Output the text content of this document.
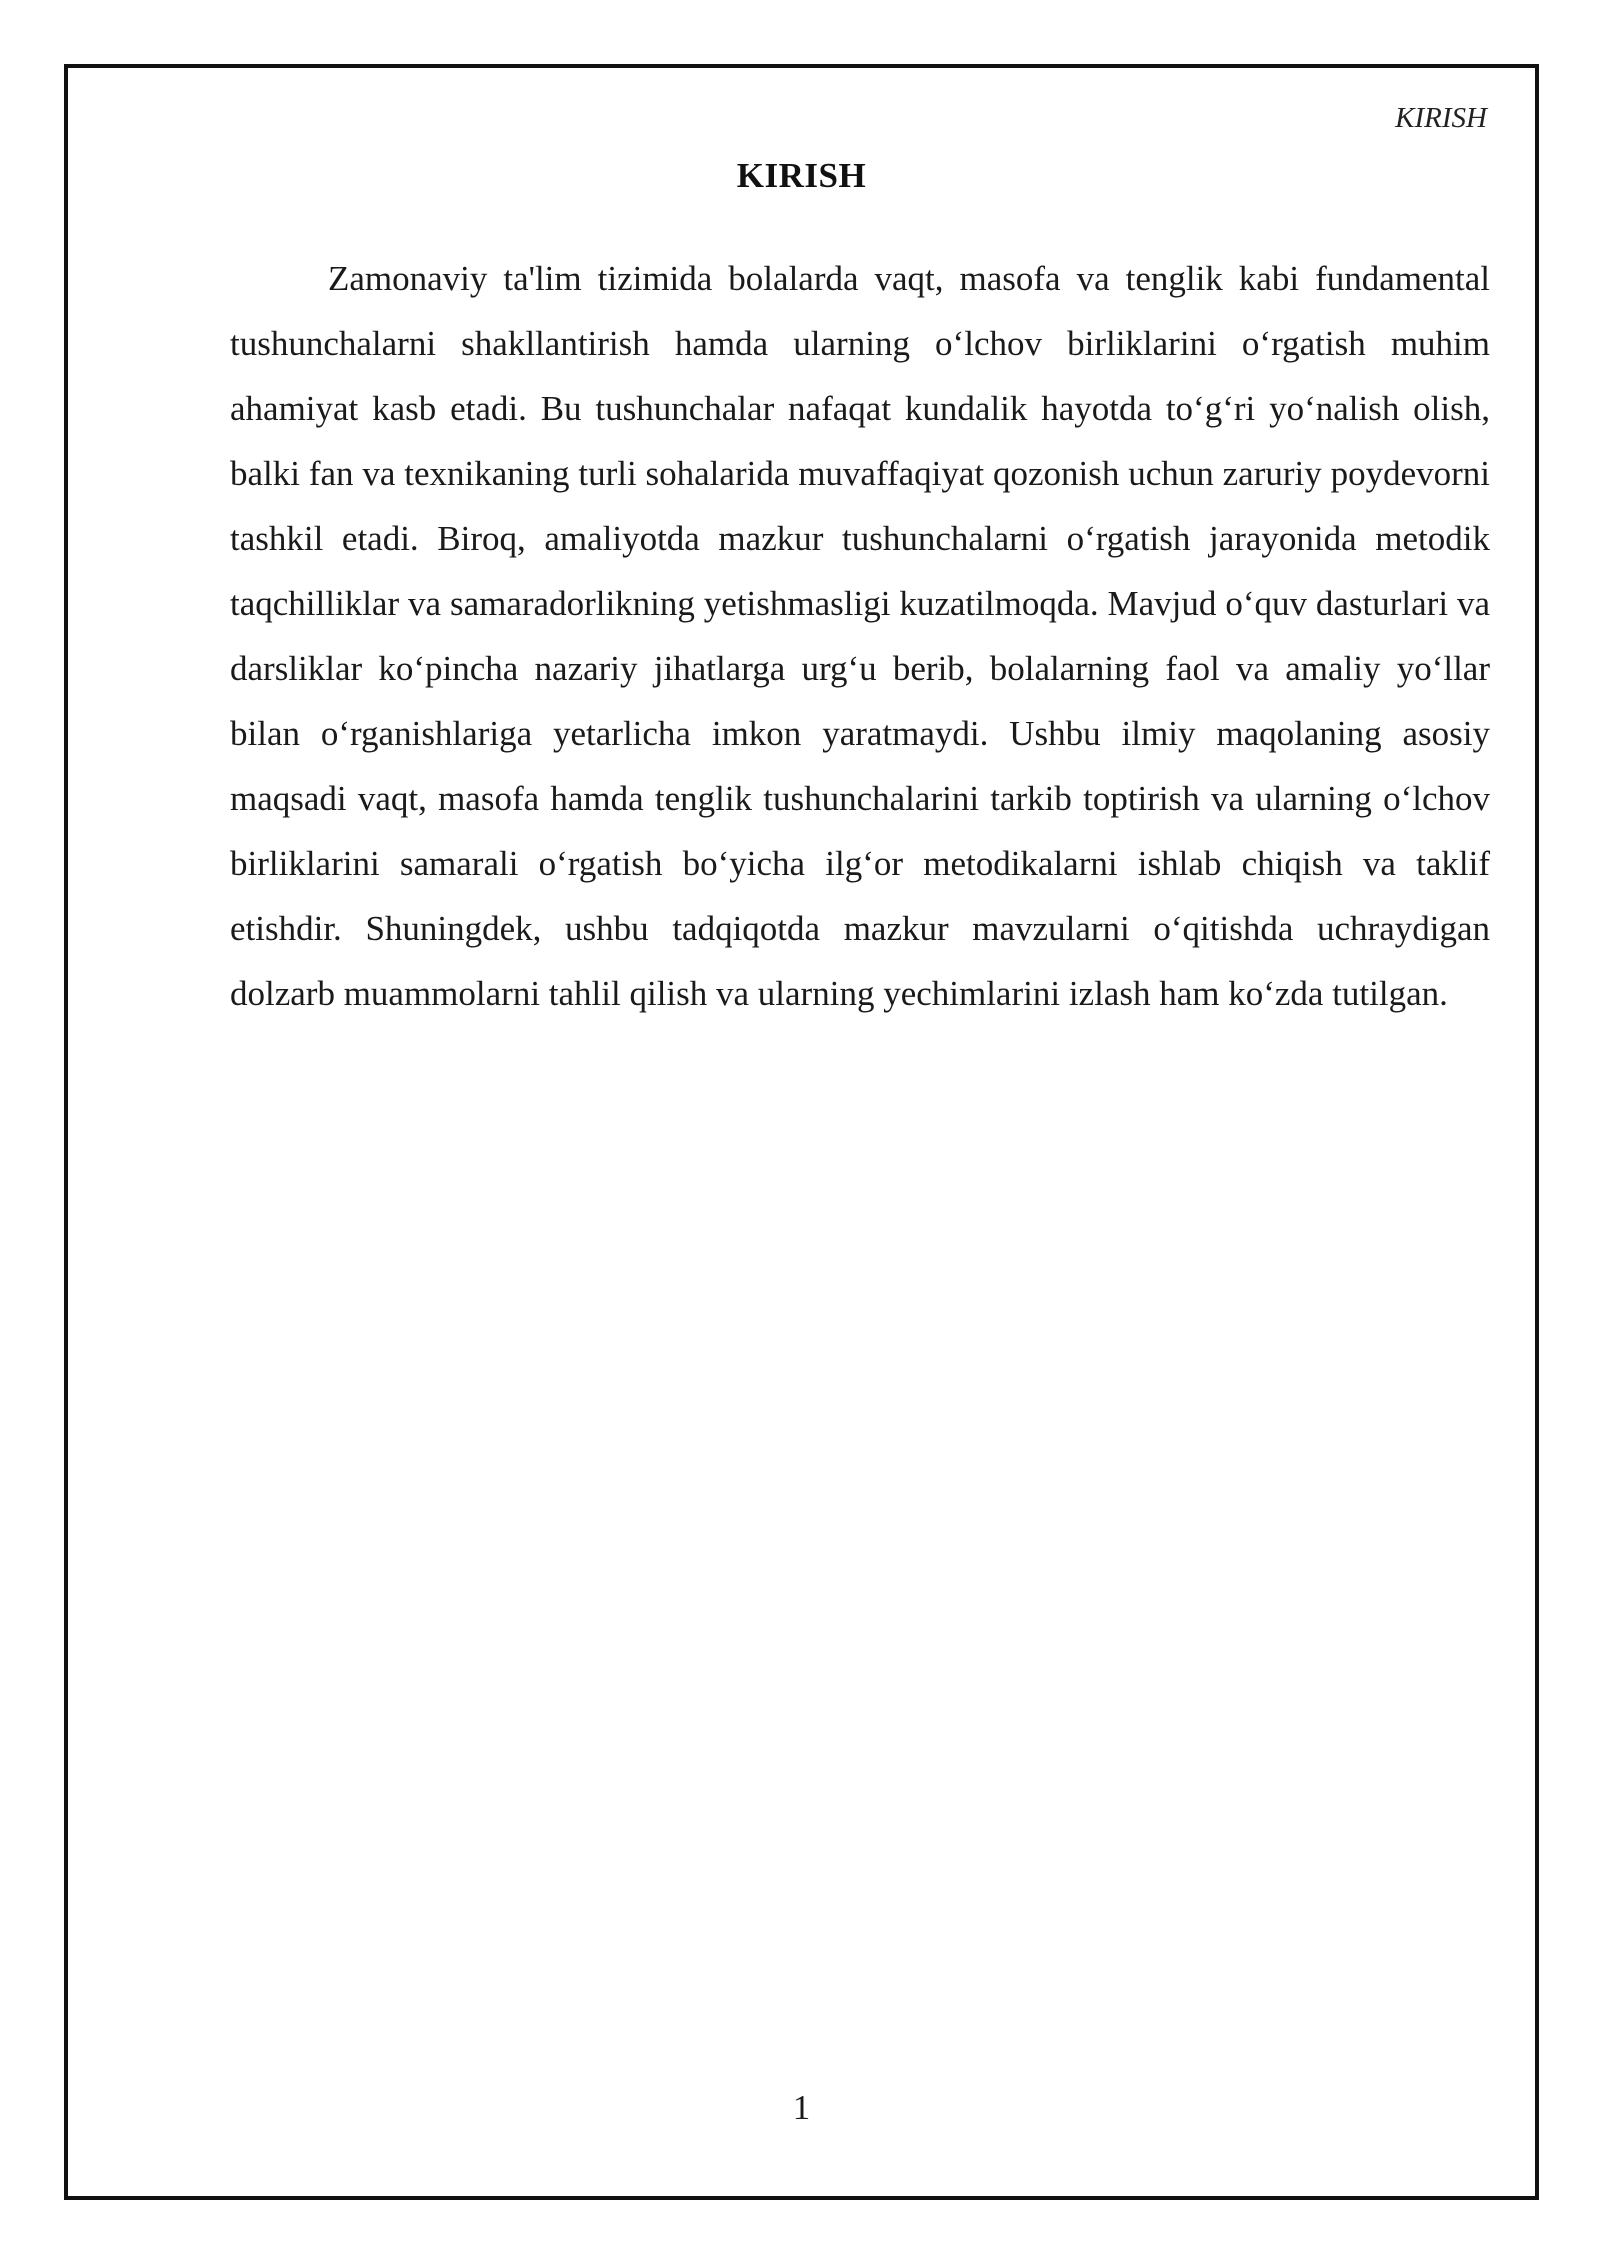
KIRISH
KIRISH

Zamonaviy ta'lim tizimida bolalarda vaqt, masofa va tenglik kabi fundamental tushunchalarni shakllantirish hamda ularning o‘lchov birliklarini o‘rgatish muhim ahamiyat kasb etadi. Bu tushunchalar nafaqat kundalik hayotda to‘g‘ri yo‘nalish olish, balki fan va texnikaning turli sohalarida muvaffaqiyat qozonish uchun zaruriy poydevorni tashkil etadi. Biroq, amaliyotda mazkur tushunchalarni o‘rgatish jarayonida metodik taqchilliklar va samaradorlikning yetishmasligi kuzatilmoqda. Mavjud o‘quv dasturlari va darsliklar ko‘pincha nazariy jihatlarga urg‘u berib, bolalarning faol va amaliy yo‘llar bilan o‘rganishlariga yetarlicha imkon yaratmaydi. Ushbu ilmiy maqolaning asosiy maqsadi vaqt, masofa hamda tenglik tushunchalarini tarkib toptirish va ularning o‘lchov birliklarini samarali o‘rgatish bo‘yicha ilg‘or metodikalarni ishlab chiqish va taklif etishdir. Shuningdek, ushbu tadqiqotda mazkur mavzularni o‘qitishda uchraydigan dolzarb muammolarni tahlil qilish va ularning yechimlarini izlash ham ko‘zda tutilgan.

1
